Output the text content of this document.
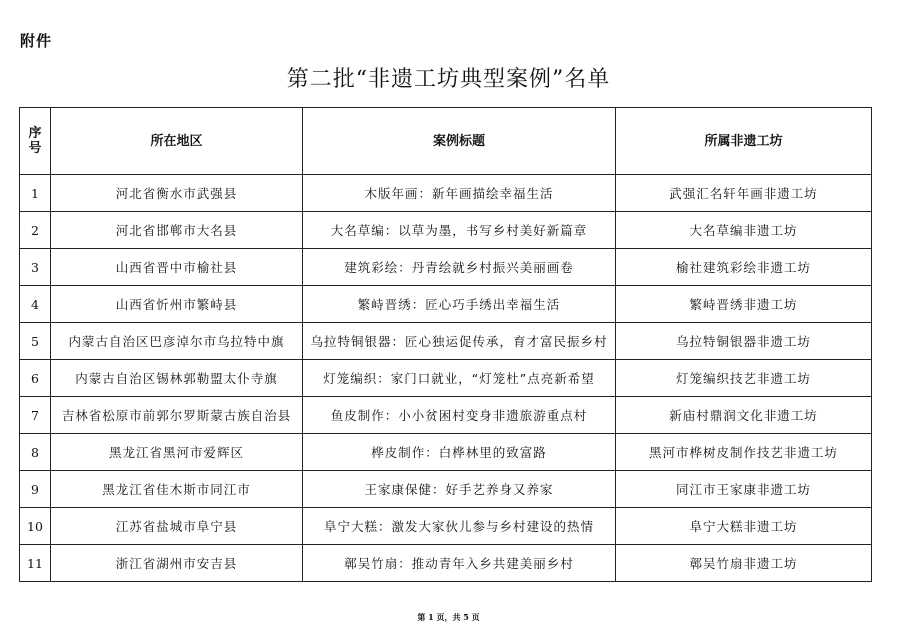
附件
第二批“非遗工坊典型案例”名单
序号	所在地区	案例标题	所属非遗工坊
1	河北省衡水市武强县	木版年画：新年画描绘幸福生活	武强汇名轩年画非遗工坊
2	河北省邯郸市大名县	大名草编：以草为墨，书写乡村美好新篇章	大名草编非遗工坊
3	山西省晋中市榆社县	建筑彩绘：丹青绘就乡村振兴美丽画卷	榆社建筑彩绘非遗工坊
4	山西省忻州市繁峙县	繁峙晋绣：匠心巧手绣出幸福生活	繁峙晋绣非遗工坊
5	内蒙古自治区巴彦淖尔市乌拉特中旗	乌拉特铜银器：匠心独运促传承，育才富民振乡村	乌拉特铜银器非遗工坊
6	内蒙古自治区锡林郭勒盟太仆寺旗	灯笼编织：家门口就业，“灯笼杜”点亮新希望	灯笼编织技艺非遗工坊
7	吉林省松原市前郭尔罗斯蒙古族自治县	鱼皮制作：小小贫困村变身非遗旅游重点村	新庙村鼎润文化非遗工坊
8	黑龙江省黑河市爱辉区	桦皮制作：白桦林里的致富路	黑河市桦树皮制作技艺非遗工坊
9	黑龙江省佳木斯市同江市	王家康保健：好手艺养身又养家	同江市王家康非遗工坊
10	江苏省盐城市阜宁县	阜宁大糕：激发大家伙儿参与乡村建设的热情	阜宁大糕非遗工坊
11	浙江省湖州市安吉县	鄣吴竹扇：推动青年入乡共建美丽乡村	鄣吴竹扇非遗工坊
第 1 页，共 5 页
